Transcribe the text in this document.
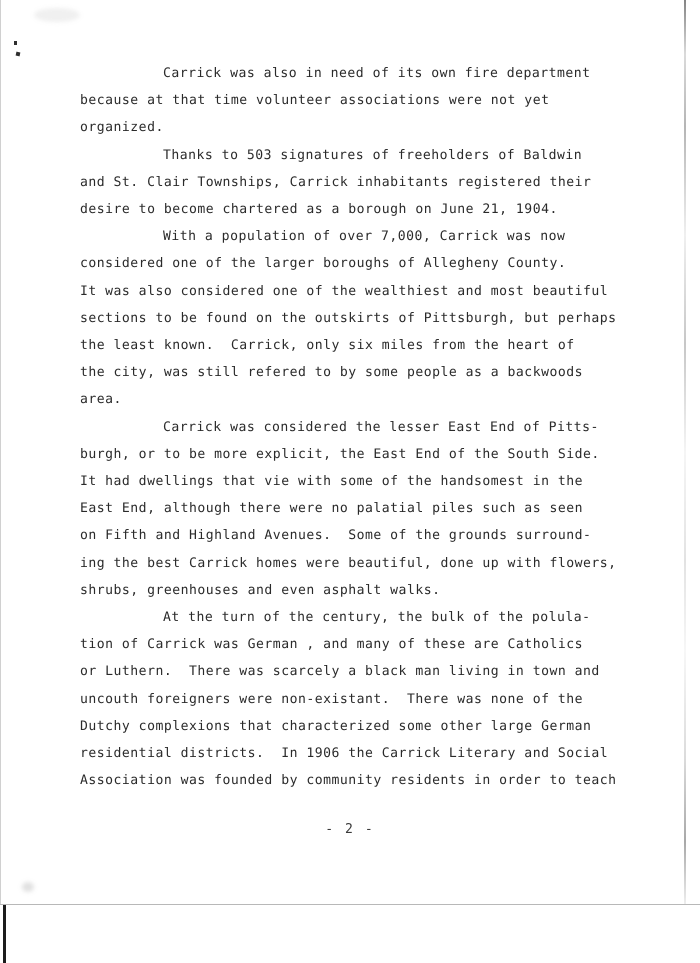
Carrick was also in need of its own fire department
because at that time volunteer associations were not yet
organized.
Thanks to 503 signatures of freeholders of Baldwin
and St. Clair Townships, Carrick inhabitants registered their
desire to become chartered as a borough on June 21, 1904.
With a population of over 7,000, Carrick was now
considered one of the larger boroughs of Allegheny County.
It was also considered one of the wealthiest and most beautiful
sections to be found on the outskirts of Pittsburgh, but perhaps
the least known.  Carrick, only six miles from the heart of
the city, was still refered to by some people as a backwoods
area.
Carrick was considered the lesser East End of Pitts-
burgh, or to be more explicit, the East End of the South Side.
It had dwellings that vie with some of the handsomest in the
East End, although there were no palatial piles such as seen
on Fifth and Highland Avenues.  Some of the grounds surround-
ing the best Carrick homes were beautiful, done up with flowers,
shrubs, greenhouses and even asphalt walks.
At the turn of the century, the bulk of the polula-
tion of Carrick was German , and many of these are Catholics
or Luthern.  There was scarcely a black man living in town and
uncouth foreigners were non-existant.  There was none of the
Dutchy complexions that characterized some other large German
residential districts.  In 1906 the Carrick Literary and Social
Association was founded by community residents in order to teach
- 2 -
